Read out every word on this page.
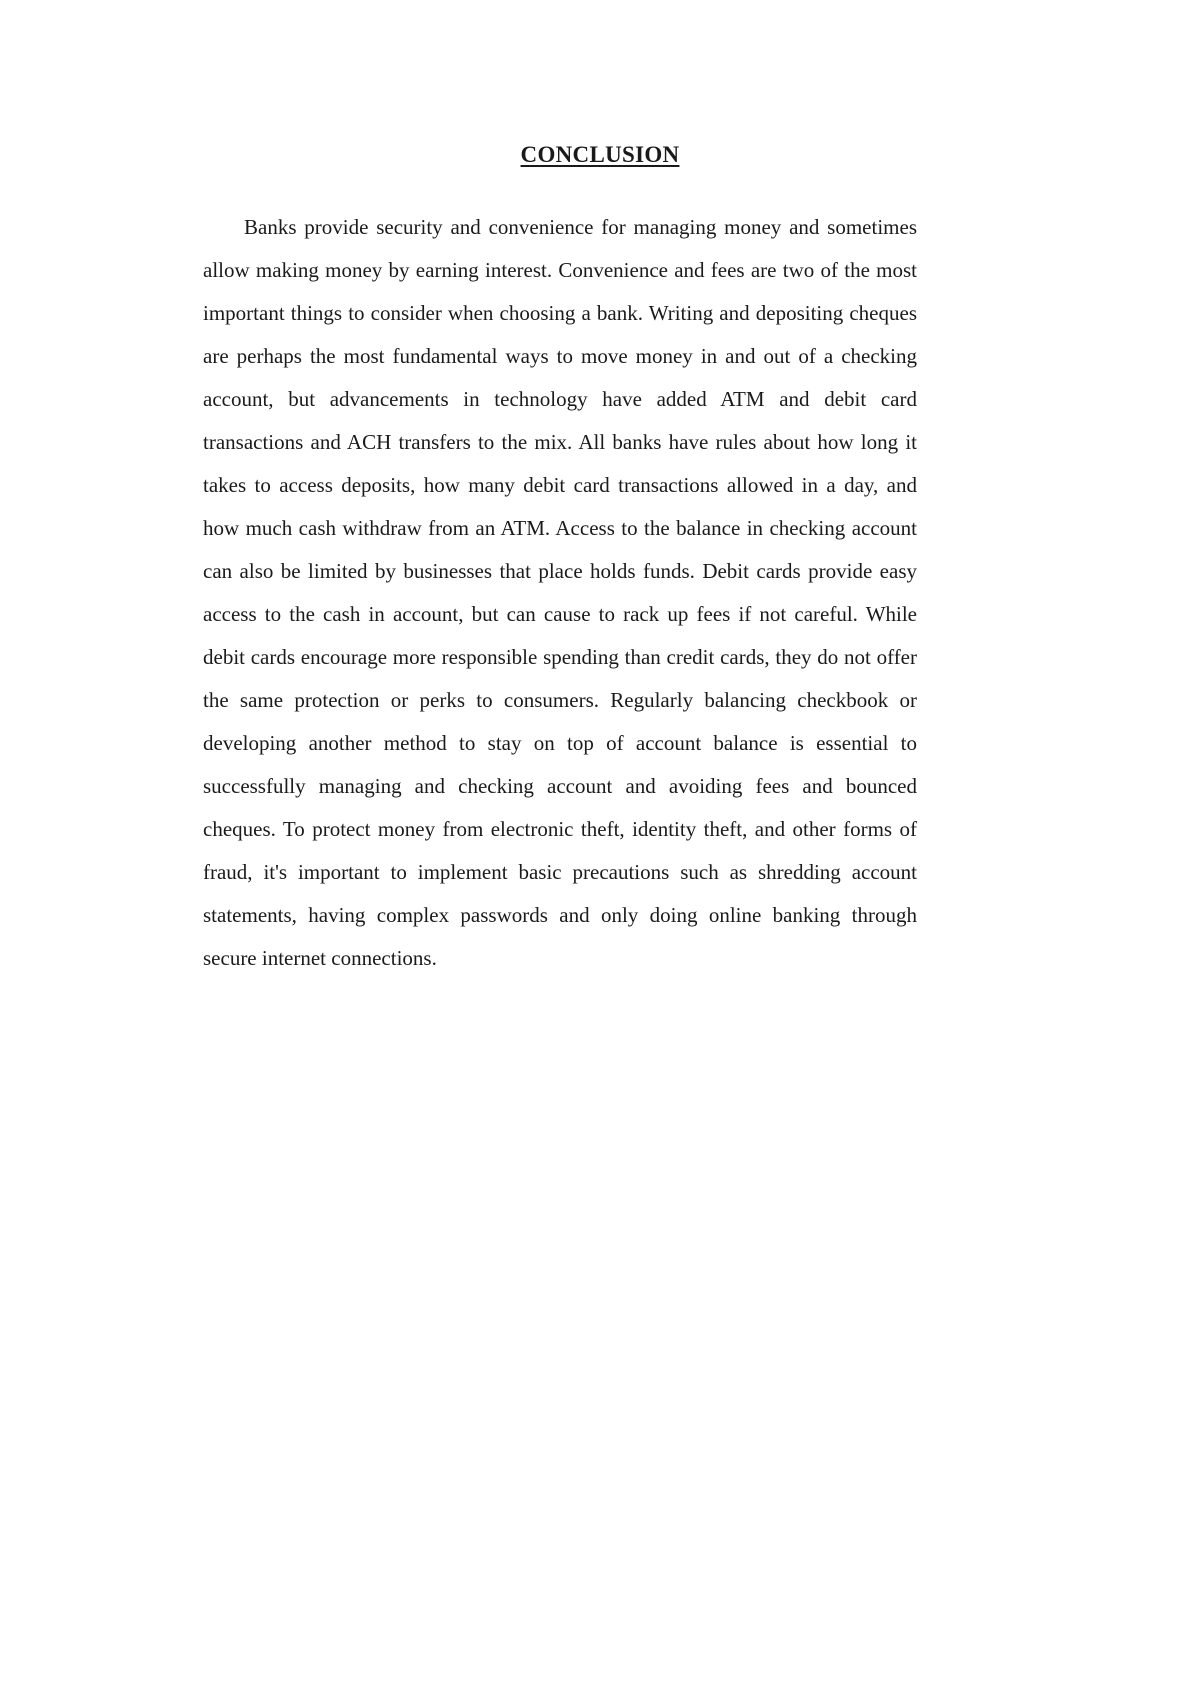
CONCLUSION

Banks provide security and convenience for managing money and sometimes allow making money by earning interest. Convenience and fees are two of the most important things to consider when choosing a bank. Writing and depositing cheques are perhaps the most fundamental ways to move money in and out of a checking account, but advancements in technology have added ATM and debit card transactions and ACH transfers to the mix. All banks have rules about how long it takes to access deposits, how many debit card transactions allowed in a day, and how much cash withdraw from an ATM. Access to the balance in checking account can also be limited by businesses that place holds funds. Debit cards provide easy access to the cash in account, but can cause to rack up fees if not careful. While debit cards encourage more responsible spending than credit cards, they do not offer the same protection or perks to consumers. Regularly balancing checkbook or developing another method to stay on top of account balance is essential to successfully managing and checking account and avoiding fees and bounced cheques. To protect money from electronic theft, identity theft, and other forms of fraud, it's important to implement basic precautions such as shredding account statements, having complex passwords and only doing online banking through secure internet connections.
